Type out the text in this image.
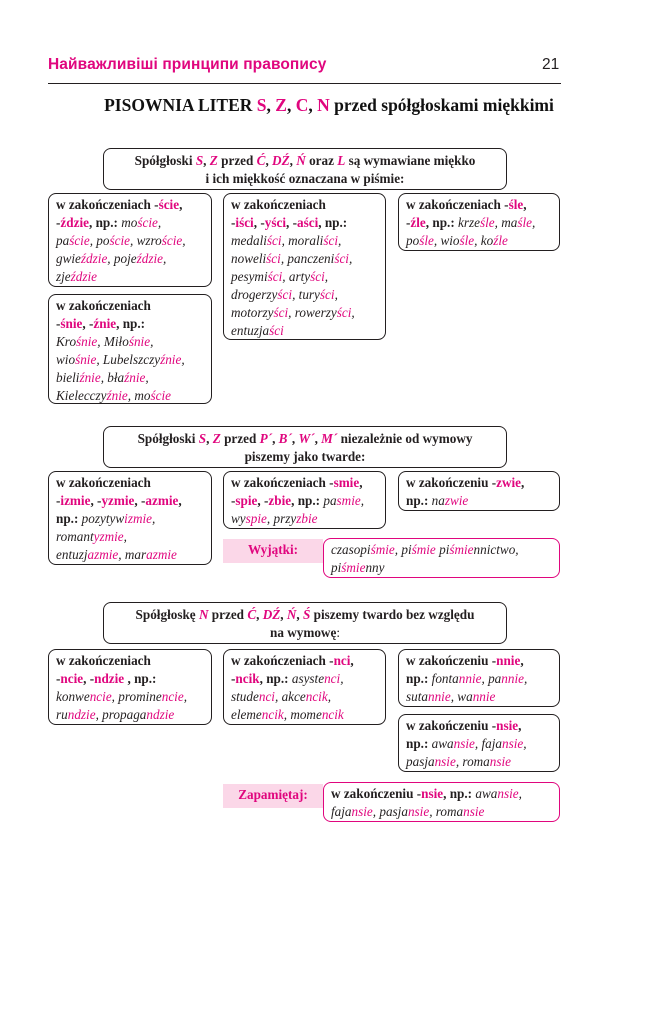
Найважливіші принципи правопису	21
PISOWNIA LITER S, Z, C, N przed spółgłoskami miękkimi
Spółgłoski S, Z przed Ć, DŹ, Ń oraz L są wymawiane miękko
i ich miękkość oznaczana w piśmie:
w zakończeniach -ście,
-ździe, np.: moście,
paście, poście, wzroście,
gwieździe, pojeździe,
zjeździe
w zakończeniach
-śnie, -źnie, np.:
Krośnie, Miłośnie,
wiośnie, Lubelszczyźnie,
bieliźnie, błaźnie,
Kielecczyźnie, moście
w zakończeniach
-iści, -yści, -aści, np.:
medaliści, moraliści,
noweliści, panczeniści,
pesymiści, artyści,
drogerzyści, turyści,
motorzyści, rowerzyści,
entuzjaści
w zakończeniach -śle,
-źle, np.: krześle, maśle,
pośle, wiośle, koźle
Spółgłoski S, Z przed P´, B´, W´, M´ niezależnie od wymowy
piszemy jako twarde:
w zakończeniach
-izmie, -yzmie, -azmie,
np.: pozytywizmie,
romantyzmie,
entuzjazmie, marazmie
w zakończeniach -smie,
-spie, -zbie, np.: pasmie,
wyspie, przyzbie
w zakończeniu -zwie,
np.: nazwie
Wyjątki:	czasopiśmie, piśmie piśmiennictwo,
piśmienny
Spółgłoskę N przed Ć, DŹ, Ń, Ś piszemy twardo bez względu
na wymowę:
w zakończeniach
-ncie, -ndzie , np.:
konwencie, prominencie,
rundzie, propagandzie
w zakończeniach -nci,
-ncik, np.: asystenci,
studenci, akcencik,
elemencik, momencik
w zakończeniu -nnie,
np.: fontannie, pannie,
sutannie, wannie
w zakończeniu -nsie,
np.: awansie, fajansie,
pasjansie, romansie
Zapamiętaj:	w zakończeniu -nsie, np.: awansie,
fajansie, pasjansie, romansie
